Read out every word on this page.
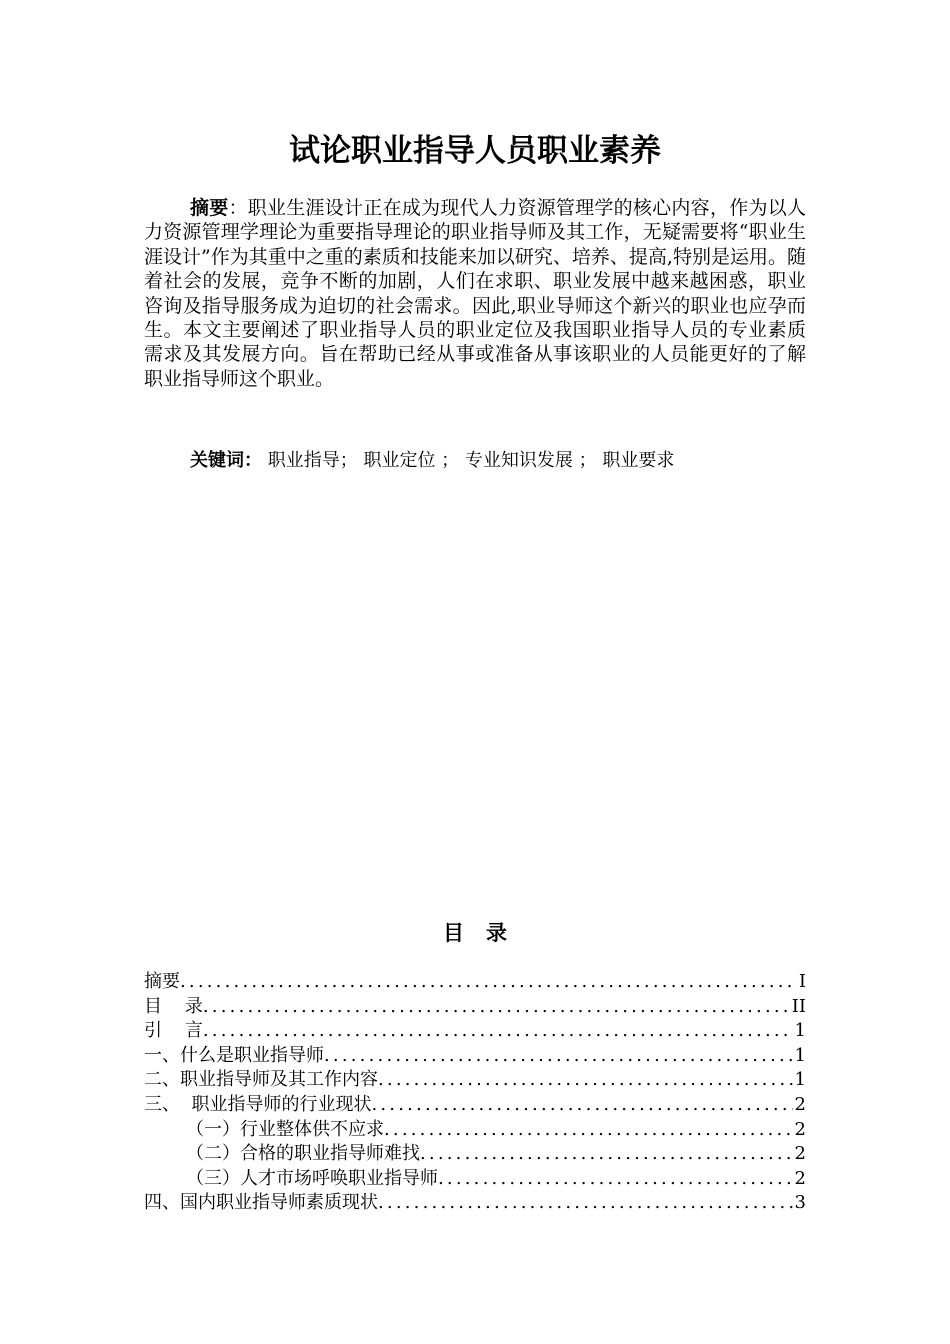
试论职业指导人员职业素养
摘要：职业生涯设计正在成为现代人力资源管理学的核心内容，作为以人力资源管理学理论为重要指导理论的职业指导师及其工作，无疑需要将“职业生涯设计”作为其重中之重的素质和技能来加以研究、培养、提高,特别是运用。随着社会的发展，竞争不断的加剧，人们在求职、职业发展中越来越困惑，职业咨询及指导服务成为迫切的社会需求。因此,职业导师这个新兴的职业也应孕而生。本文主要阐述了职业指导人员的职业定位及我国职业指导人员的专业素质需求及其发展方向。旨在帮助已经从事或准备从事该职业的人员能更好的了解职业指导师这个职业。
关键词： 职业指导； 职业定位 ； 专业知识发展 ； 职业要求
目录
摘要 .....	I
目    录 .....	II
引    言 .....	1
一、什么是职业指导师 .....	1
二、职业指导师及其工作内容 .....	1
三、  职业指导师的行业现状 .....	2
（一）行业整体供不应求 .....	2
（二）合格的职业指导师难找 .....	2
（三）人才市场呼唤职业指导师 .....	2
四、国内职业指导师素质现状 .....	3
